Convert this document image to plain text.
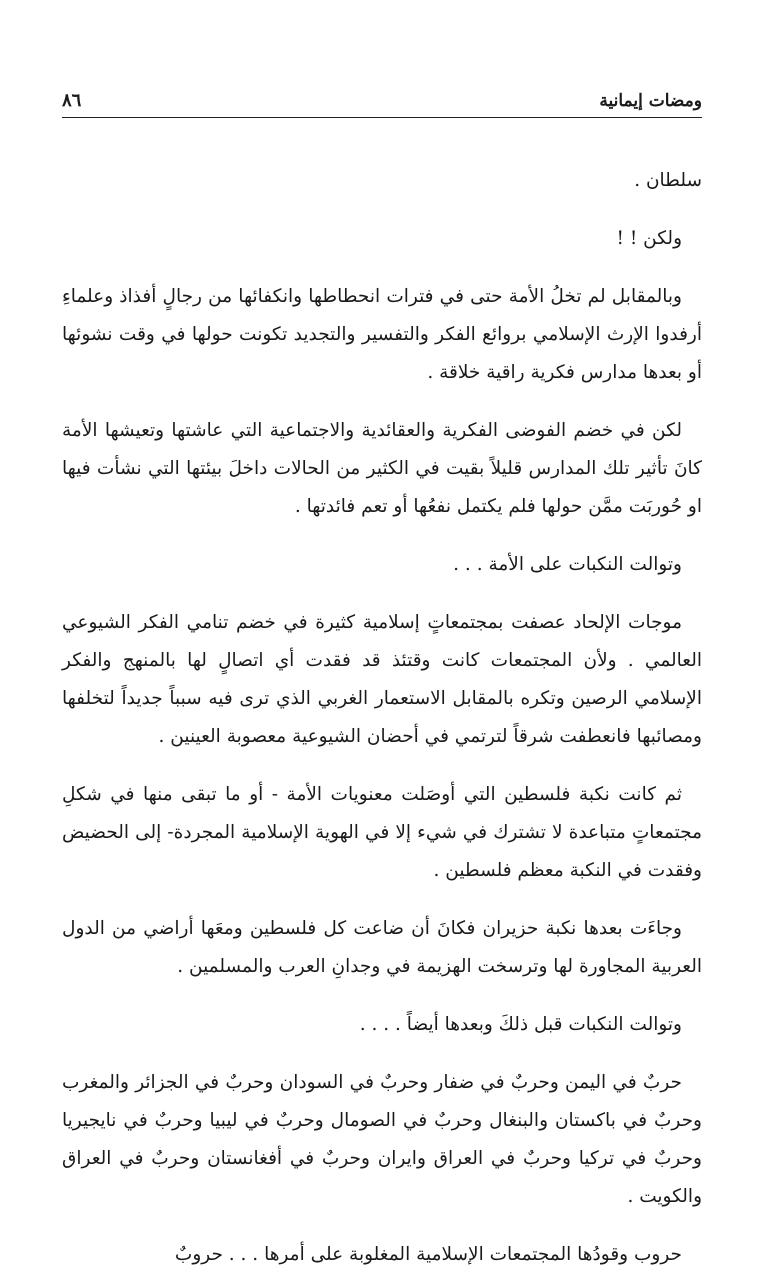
ومضات إيمانية
٨٦

سلطان .

ولكن ! !

وبالمقابل لم تخلُ الأمة حتى في فترات انحطاطها وانكفائها من رجالٍ أفذاذ وعلماءِ أرفدوا الإرث الإسلامي بروائع الفكر والتفسير والتجديد تكونت حولها في وقت نشوئها أو بعدها مدارس فكرية راقية خلاقة .

لكن في خضم الفوضى الفكرية والعقائدية والاجتماعية التي عاشتها وتعيشها الأمة كانَ تأثير تلك المدارس قليلاً بقيت في الكثير من الحالات داخلَ بيئتها التي نشأت فيها او حُوربَت ممَّن حولها فلم يكتمل نفعُها أو تعم فائدتها .

وتوالت النكبات على الأمة . . .

موجات الإلحاد عصفت بمجتمعاتٍ إسلامية كثيرة في خضم تنامي الفكر الشيوعي العالمي . ولأن المجتمعات كانت وقتئذ قد فقدت أي اتصالٍ لها بالمنهج والفكر الإسلامي الرصين وتكره بالمقابل الاستعمار الغربي الذي ترى فيه سبباً جديداً لتخلفها ومصائبها فانعطفت شرقاً لترتمي في أحضان الشيوعية معصوبة العينين .

ثم كانت نكبة فلسطين التي أوصَلت معنويات الأمة - أو ما تبقى منها في شكلِ مجتمعاتٍ متباعدة لا تشترك في شيء إلا في الهوية الإسلامية المجردة- إلى الحضيض وفقدت في النكبة معظم فلسطين .

وجاءَت بعدها نكبة حزيران فكانَ أن ضاعت كل فلسطين ومعَها أراضي من الدول العربية المجاورة لها وترسخت الهزيمة في وجدانِ العرب والمسلمين .

وتوالت النكبات قبل ذلكَ وبعدها أيضاً . . . .

حربٌ في اليمن وحربٌ في ضفار وحربٌ في السودان وحربٌ في الجزائر والمغرب وحربٌ في باكستان والبنغال وحربٌ في الصومال وحربٌ في ليبيا وحربٌ في نايجيريا وحربٌ في تركيا وحربٌ في العراق وايران وحربٌ في أفغانستان وحربٌ في العراق والكويت .

حروب وقودُها المجتمعات الإسلامية المغلوبة على أمرها . . . حروبٌ
